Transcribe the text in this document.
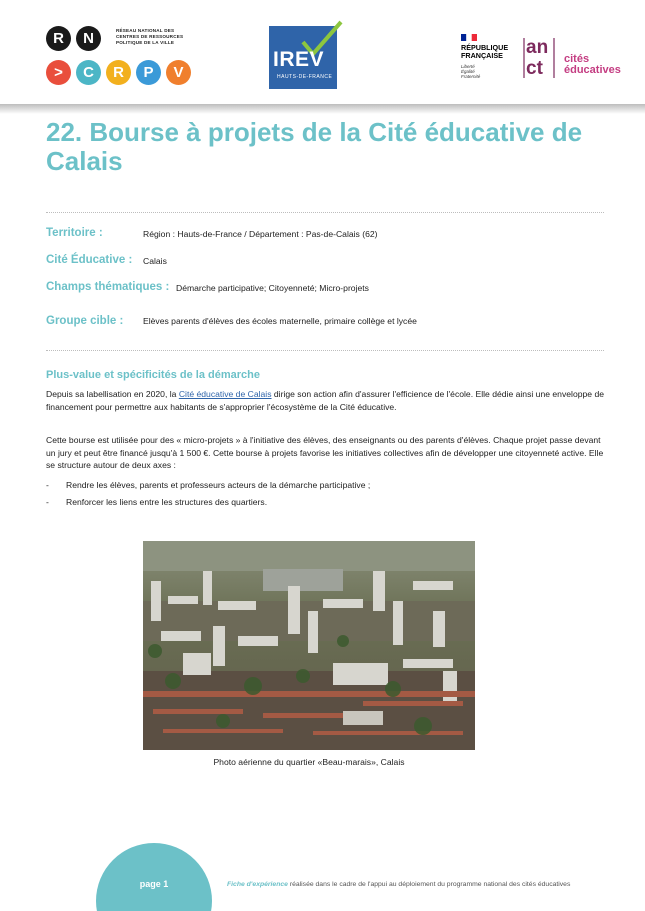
R	N
>	C	R	P	V
RÉSEAU NATIONAL DES CENTRES DE RESSOURCES POLITIQUE DE LA VILLE
IREV
HAUTS-DE-FRANCE
RÉPUBLIQUE
FRANÇAISE
Liberté
Égalité
Fraternité
an
ct cités
éducatives
22. Bourse à projets de la Cité éducative de Calais
Territoire :	Région : Hauts-de-France / Département : Pas-de-Calais (62)
Cité Éducative : Calais
Champs thématiques : Démarche participative; Citoyenneté; Micro-projets
Groupe cible : Elèves parents d'élèves des écoles maternelle, primaire collège et lycée
Plus-value et spécificités de la démarche
Depuis sa labellisation en 2020, la Cité éducative de Calais dirige son action afin d'assurer l'efficience de l'école. Elle dédie ainsi une enveloppe de financement pour permettre aux habitants de s'approprier l'écosystème de la Cité éducative.
Cette bourse est utilisée pour des « micro-projets » à l'initiative des élèves, des enseignants ou des parents d'élèves. Chaque projet passe devant un jury et peut être financé jusqu'à 1 500 €. Cette bourse à projets favorise les initiatives collectives afin de développer une citoyenneté active. Elle se structure autour de deux axes :
- Rendre les élèves, parents et professeurs acteurs de la démarche participative ;
- Renforcer les liens entre les structures des quartiers.
Photo aérienne du quartier «Beau-marais», Calais
page 1	Fiche d'expérience réalisée dans le cadre de l'appui au déploiement du programme national des cités éducatives
